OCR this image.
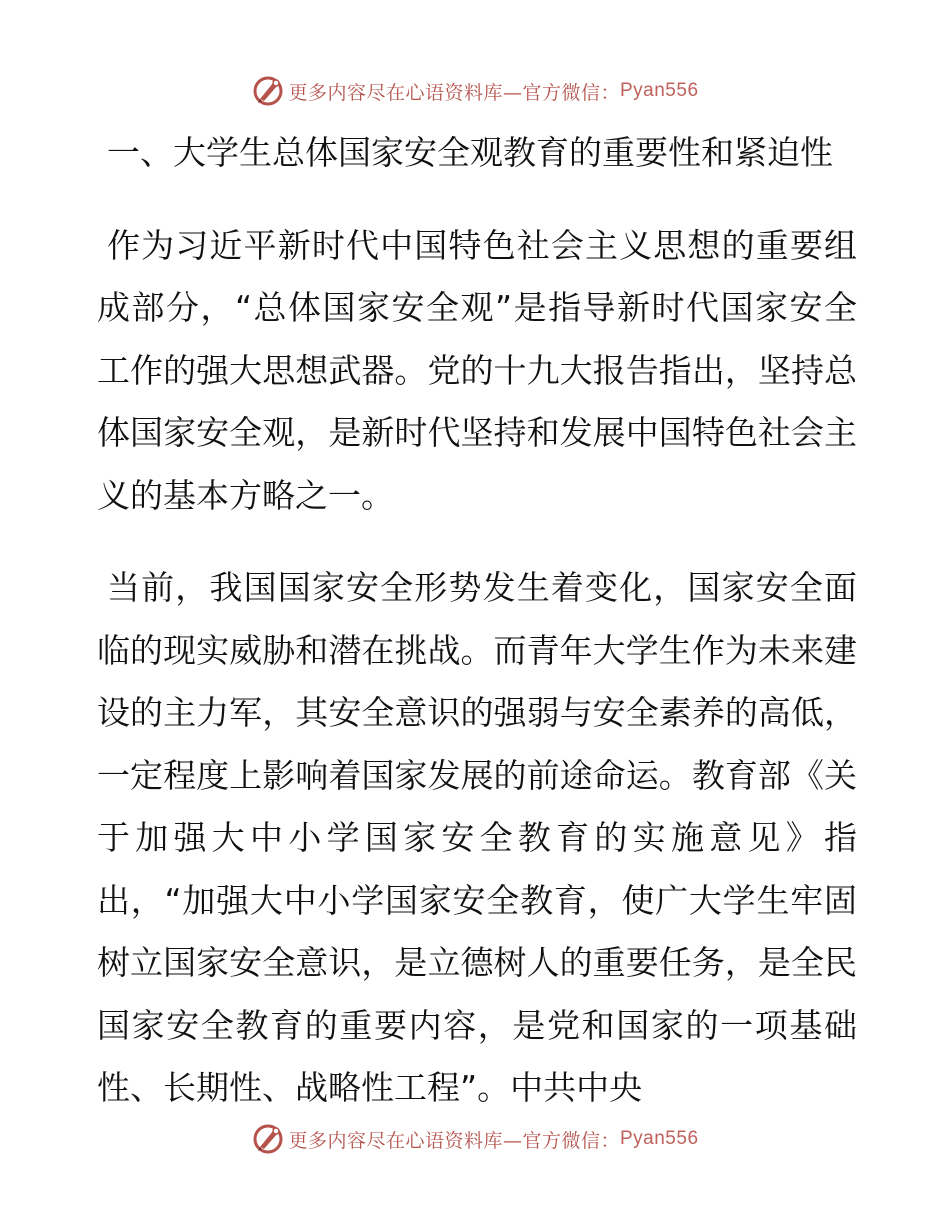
更多内容尽在心语资料库— 官方微信： Pyan556

一、大学生总体国家安全观教育的重要性和紧迫性

作为习近平新时代中国特色社会主义思想的重要组成部分，“总体国家安全观”是指导新时代国家安全工作的强大思想武器。党的十九大报告指出，坚持总体国家安全观，是新时代坚持和发展中国特色社会主义的基本方略之一。

当前，我国国家安全形势发生着变化，国家安全面临的现实威胁和潜在挑战。而青年大学生作为未来建设的主力军，其安全意识的强弱与安全素养的高低，一定程度上影响着国家发展的前途命运。教育部《关于加强大中小学国家安全教育的实施意见》指出，“加强大中小学国家安全教育，使广大学生牢固树立国家安全意识，是立德树人的重要任务，是全民国家安全教育的重要内容，是党和国家的一项基础性、长期性、战略性工程”。中共中央

更多内容尽在心语资料库— 官方微信： Pyan556
